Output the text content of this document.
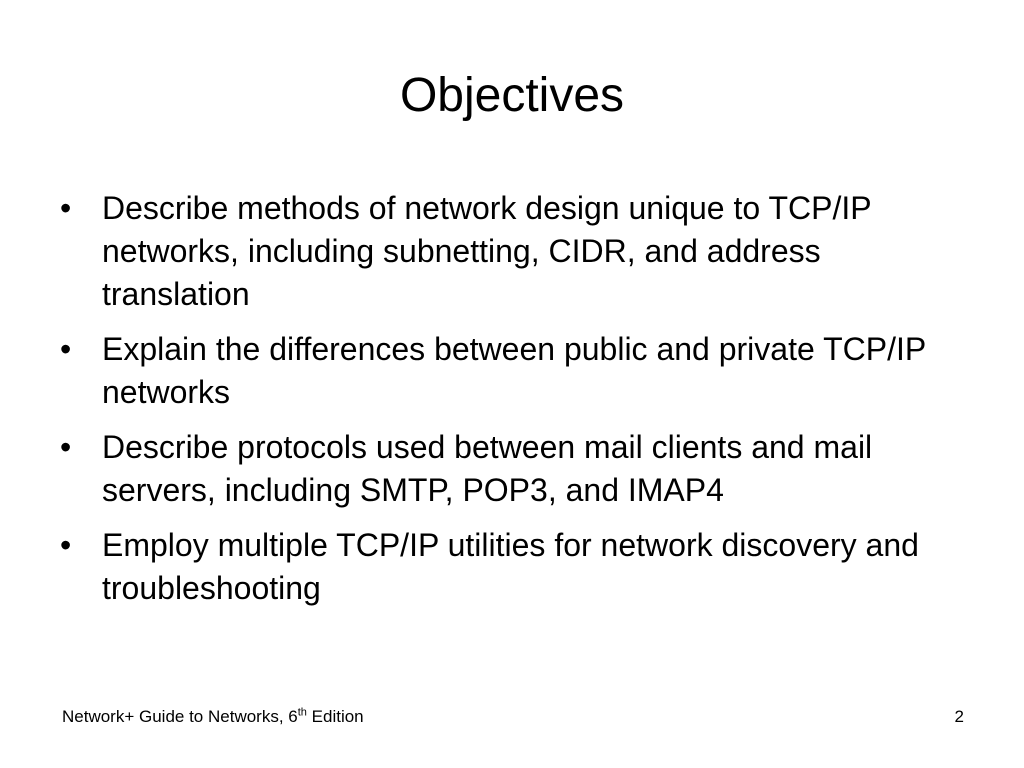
Objectives
• Describe methods of network design unique to TCP/IP networks, including subnetting, CIDR, and address translation
• Explain the differences between public and private TCP/IP networks
• Describe protocols used between mail clients and mail servers, including SMTP, POP3, and IMAP4
• Employ multiple TCP/IP utilities for network discovery and troubleshooting
Network+ Guide to Networks, 6th Edition	2
